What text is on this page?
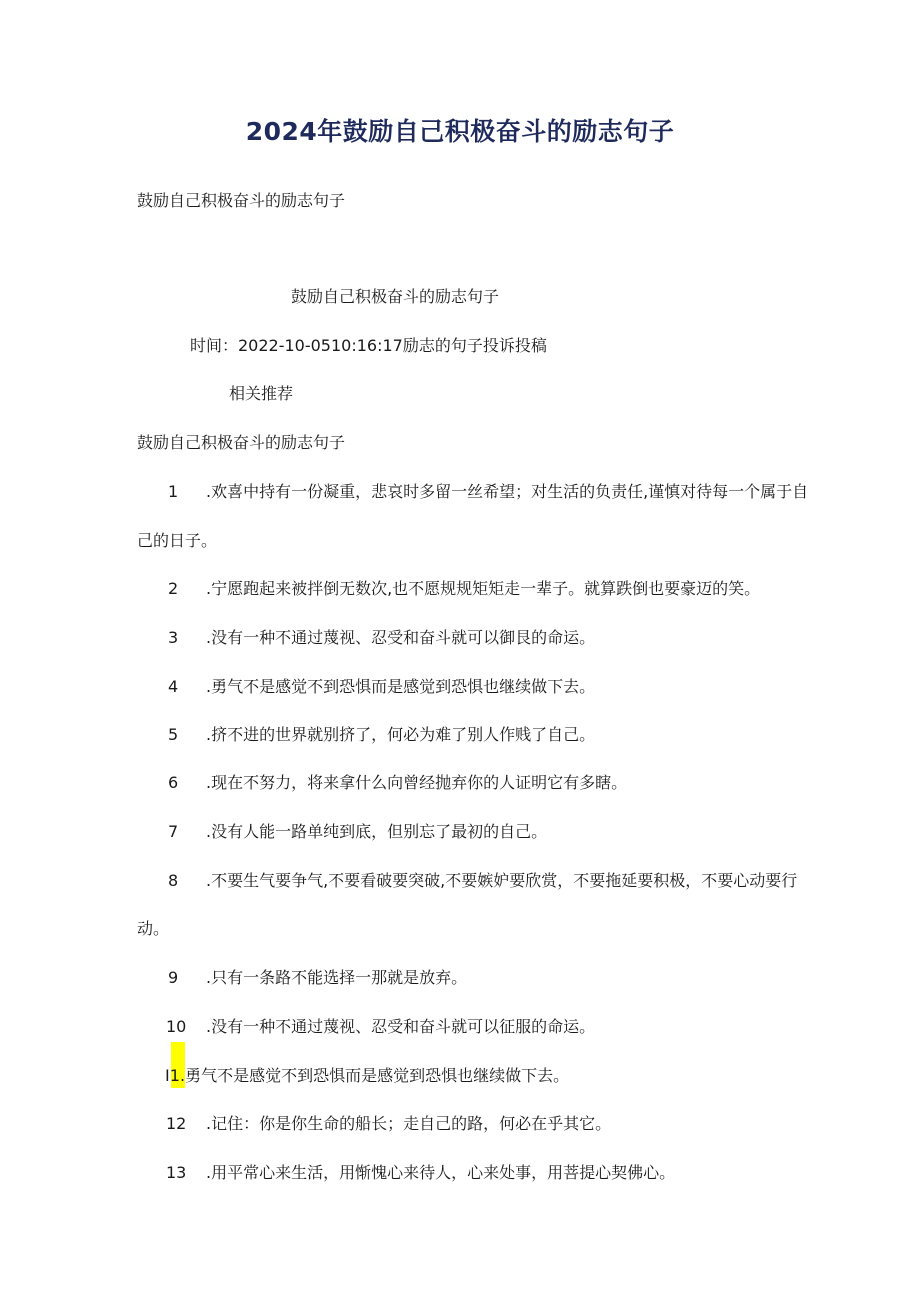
2024年鼓励自己积极奋斗的励志句子
鼓励自己积极奋斗的励志句子
鼓励自己积极奋斗的励志句子
时间：2022-10-0510:16:17励志的句子投诉投稿
相关推荐
鼓励自己积极奋斗的励志句子
1 .欢喜中持有一份凝重，悲哀时多留一丝希望；对生活的负责任,谨慎对待每一个属于自
己的日子。
2 .宁愿跑起来被拌倒无数次,也不愿规规矩矩走一辈子。就算跌倒也要豪迈的笑。
3 .没有一种不通过蔑视、忍受和奋斗就可以御艮的命运。
4 .勇气不是感觉不到恐惧而是感觉到恐惧也继续做下去。
5 .挤不进的世界就别挤了，何必为难了别人作贱了自己。
6 .现在不努力，将来拿什么向曾经抛弃你的人证明它有多瞎。
7 .没有人能一路单纯到底，但别忘了最初的自己。
8 .不要生气要争气,不要看破要突破,不要嫉妒要欣赏，不要拖延要积极，不要心动要行
动。
9 .只有一条路不能选择一那就是放弃。
10 .没有一种不通过蔑视、忍受和奋斗就可以征服的命运。
I1 .勇气不是感觉不到恐惧而是感觉到恐惧也继续做下去。
12 .记住：你是你生命的船长；走自己的路，何必在乎其它。
13 .用平常心来生活，用惭愧心来待人，心来处事，用菩提心契佛心。
